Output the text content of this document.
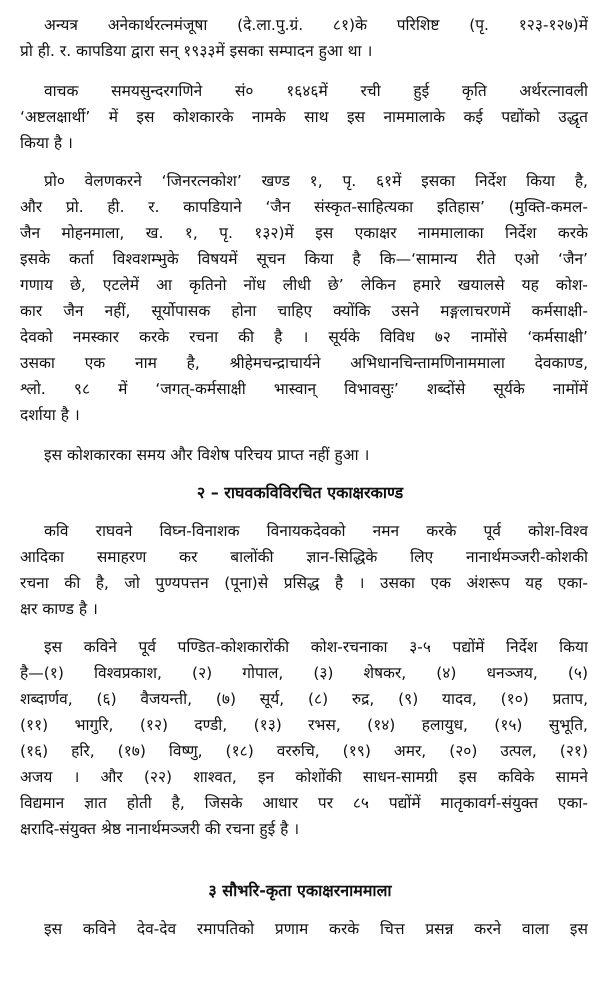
अन्यत्र अनेकार्थरत्नमंजूषा (दे.ला.पु.ग्रं. ८१)के परिशिष्ट (पृ. १२३-१२७)में
प्रो ही. र. कापडिया द्वारा सन् १९३३में इसका सम्पादन हुआ था ।
वाचक समयसुन्दरगणिने सं० १६४६में रची हुई कृति अर्थरत्नावली
‘अष्टलक्षार्थी’ में इस कोशकारके नामके साथ इस नाममालाके कई पद्योंको उद्धृत
किया है ।
प्रो० वेलणकरने ‘जिनरत्नकोश’ खण्ड १, पृ. ६१में इसका निर्देश किया है,
और प्रो. ही. र. कापडियाने ‘जैन संस्कृत-साहित्यका इतिहास’ (मुक्ति-कमल-
जैन मोहनमाला, ख. १, पृ. १३२)में इस एकाक्षर नाममालाका निर्देश करके
इसके कर्ता विश्वशम्भुके विषयमें सूचन किया है कि—‘सामान्य रीते एओ ‘जैन’
गणाय छे, एटलेमें आ कृतिनो नोंध लीधी छे’ लेकिन हमारे खयालसे यह कोश-
कार जैन नहीं, सूर्योपासक होना चाहिए क्योंकि उसने मङ्गलाचरणमें कर्मसाक्षी-
देवको नमस्कार करके रचना की है । सूर्यके विविध ७२ नामोंसे ‘कर्मसाक्षी’
उसका एक नाम है, श्रीहेमचन्द्राचार्यने अभिधानचिन्तामणिनाममाला देवकाण्ड,
श्लो. ९८ में ‘जगत्-कर्मसाक्षी भास्वान् विभावसुः’ शब्दोंसे सूर्यके नामोंमें
दर्शाया है ।
इस कोशकारका समय और विशेष परिचय प्राप्त नहीं हुआ ।
२ – राघवकविविरचित एकाक्षरकाण्ड
कवि राघवने विघ्न-विनाशक विनायकदेवको नमन करके पूर्व कोश-विश्व
आदिका समाहरण कर बालोंकी ज्ञान-सिद्धिके लिए नानार्थमञ्जरी-कोशकी
रचना की है, जो पुण्यपत्तन (पूना)से प्रसिद्ध है । उसका एक अंशरूप यह एका-
क्षर काण्ड है ।
इस कविने पूर्व पण्डित-कोशकारोंकी कोश-रचनाका ३-५ पद्योंमें निर्देश किया
है—(१) विश्वप्रकाश, (२) गोपाल, (३) शेषकर, (४) धनञ्जय, (५)
शब्दार्णव, (६) वैजयन्ती, (७) सूर्य, (८) रुद्र, (९) यादव, (१०) प्रताप,
(११) भागुरि, (१२) दण्डी, (१३) रभस, (१४) हलायुध, (१५) सुभूति,
(१६) हरि, (१७) विष्णु, (१८) वररुचि, (१९) अमर, (२०) उत्पल, (२१)
अजय । और (२२) शाश्वत, इन कोशोंकी साधन-सामग्री इस कविके सामने
विद्यमान ज्ञात होती है, जिसके आधार पर ८५ पद्योंमें मातृकावर्ग-संयुक्त एका-
क्षरादि-संयुक्त श्रेष्ठ नानार्थमञ्जरी की रचना हुई है ।
३ सौभरि-कृता एकाक्षरनाममाला
इस कविने देव-देव रमापतिको प्रणाम करके चित्त प्रसन्न करने वाला इस
